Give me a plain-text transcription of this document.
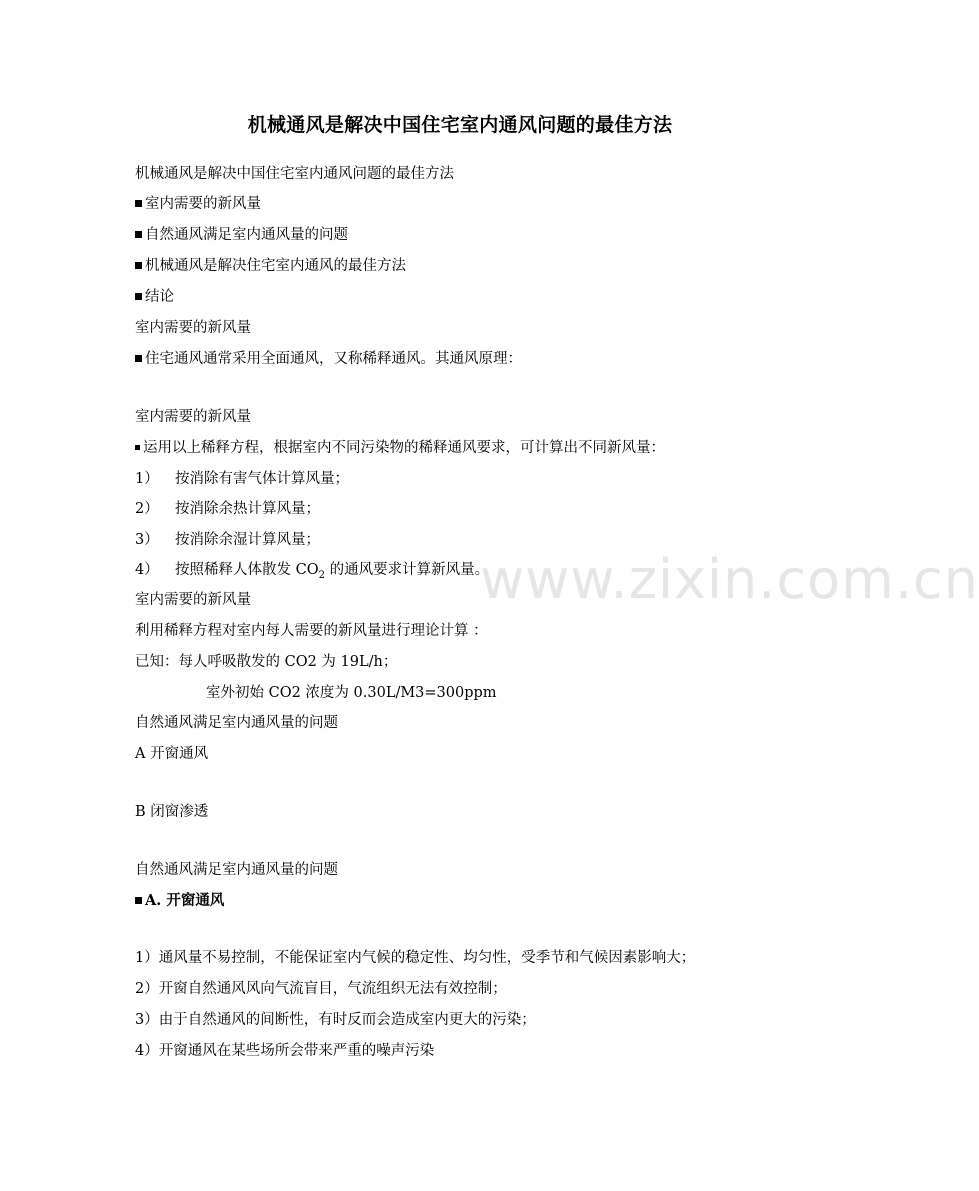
www.zixin.com.cn
机械通风是解决中国住宅室内通风问题的最佳方法
机械通风是解决中国住宅室内通风问题的最佳方法
室内需要的新风量
自然通风满足室内通风量的问题
机械通风是解决住宅室内通风的最佳方法
结论
室内需要的新风量
住宅通风通常采用全面通风，又称稀释通风。其通风原理：
室内需要的新风量
运用以上稀释方程，根据室内不同污染物的稀释通风要求，可计算出不同新风量：
1） 按消除有害气体计算风量；
2） 按消除余热计算风量；
3） 按消除余湿计算风量；
4） 按照稀释人体散发 $CO_2$ 的通风要求计算新风量。
室内需要的新风量
利用稀释方程对室内每人需要的新风量进行理论计算 ：
已知：每人呼吸散发的 CO2 为 19L/h；
室外初始 CO2 浓度为 0.30L/M3=300ppm
自然通风满足室内通风量的问题
A 开窗通风
B 闭窗渗透
自然通风满足室内通风量的问题
A. 开窗通风
1）通风量不易控制，不能保证室内气候的稳定性、均匀性，受季节和气候因素影响大；
2）开窗自然通风风向气流盲目，气流组织无法有效控制；
3）由于自然通风的间断性，有时反而会造成室内更大的污染；
4）开窗通风在某些场所会带来严重的噪声污染
